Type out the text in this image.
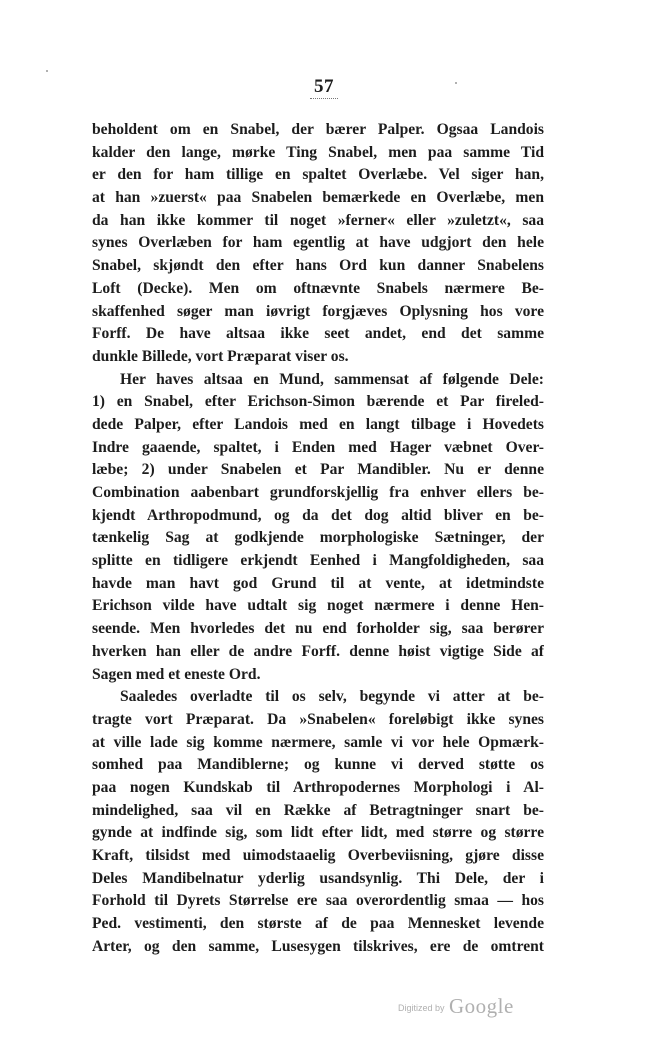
57
beholdent om en Snabel, der bærer Palper. Ogsaa Landois
kalder den lange, mørke Ting Snabel, men paa samme Tid
er den for ham tillige en spaltet Overlæbe. Vel siger han,
at han »zuerst« paa Snabelen bemærkede en Overlæbe, men
da han ikke kommer til noget »ferner« eller »zuletzt«, saa
synes Overlæben for ham egentlig at have udgjort den hele
Snabel, skjøndt den efter hans Ord kun danner Snabelens
Loft (Decke). Men om oftnævnte Snabels nærmere Be-
skaffenhed søger man iøvrigt forgjæves Oplysning hos vore
Forff. De have altsaa ikke seet andet, end det samme
dunkle Billede, vort Præparat viser os.
Her haves altsaa en Mund, sammensat af følgende Dele:
1) en Snabel, efter Erichson-Simon bærende et Par fireled-
dede Palper, efter Landois med en langt tilbage i Hovedets
Indre gaaende, spaltet, i Enden med Hager væbnet Over-
læbe; 2) under Snabelen et Par Mandibler. Nu er denne
Combination aabenbart grundforskjellig fra enhver ellers be-
kjendt Arthropodmund, og da det dog altid bliver en be-
tænkelig Sag at godkjende morphologiske Sætninger, der
splitte en tidligere erkjendt Eenhed i Mangfoldigheden, saa
havde man havt god Grund til at vente, at idetmindste
Erichson vilde have udtalt sig noget nærmere i denne Hen-
seende. Men hvorledes det nu end forholder sig, saa berører
hverken han eller de andre Forff. denne høist vigtige Side af
Sagen med et eneste Ord.
Saaledes overladte til os selv, begynde vi atter at be-
tragte vort Præparat. Da »Snabelen« foreløbigt ikke synes
at ville lade sig komme nærmere, samle vi vor hele Opmærk-
somhed paa Mandiblerne; og kunne vi derved støtte os
paa nogen Kundskab til Arthropodernes Morphologi i Al-
mindelighed, saa vil en Række af Betragtninger snart be-
gynde at indfinde sig, som lidt efter lidt, med større og større
Kraft, tilsidst med uimodstaaelig Overbeviisning, gjøre disse
Deles Mandibelnatur yderlig usandsynlig. Thi Dele, der i
Forhold til Dyrets Størrelse ere saa overordentlig smaa — hos
Ped. vestimenti, den største af de paa Mennesket levende
Arter, og den samme, Lusesygen tilskrives, ere de omtrent
Digitized by Google
